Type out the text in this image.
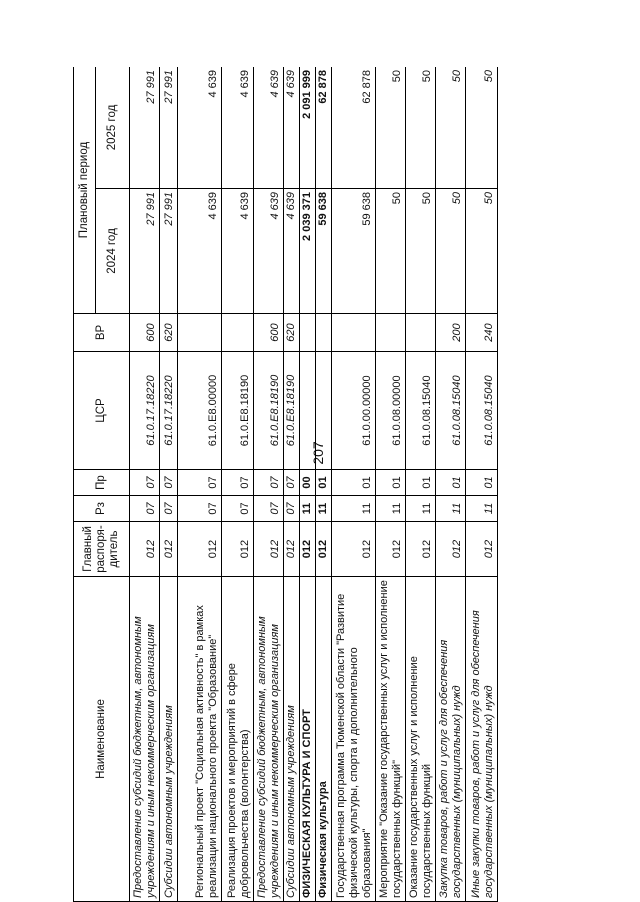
207
Наименование	Главный распоря-дитель	Рз	Пр	ЦСР	ВР	Плановый период	
						2024 год	2025 год
Предоставление субсидий бюджетным, автономным учреждениям и иным некоммерческим организациям	012	07	07	61.0.17.18220	600	27 991	27 991
Субсидии автономным учреждениям	012	07	07	61.0.17.18220	620	27 991	27 991
Региональный проект "Социальная активность" в рамках реализации национального проекта "Образование"	012	07	07	61.0.E8.00000		4 639	4 639
Реализация проектов и мероприятий в сфере добровольчества (волонтерства)	012	07	07	61.0.E8.18190		4 639	4 639
Предоставление субсидий бюджетным, автономным учреждениям и иным некоммерческим организациям	012	07	07	61.0.E8.18190	600	4 639	4 639
Субсидии автономным учреждениям	012	07	07	61.0.E8.18190	620	4 639	4 639
ФИЗИЧЕСКАЯ КУЛЬТУРА И СПОРТ	012	11	00			2 039 371	2 091 999
Физическая культура	012	11	01			59 638	62 878
Государственная программа Тюменской области "Развитие физической культуры, спорта и дополнительного образования"	012	11	01	61.0.00.00000		59 638	62 878
Мероприятие "Оказание государственных услуг и исполнение государственных функций"	012	11	01	61.0.08.00000		50	50
Оказание государственных услуг и исполнение государственных функций	012	11	01	61.0.08.15040		50	50
Закупка товаров, работ и услуг для обеспечения государственных (муниципальных) нужд	012	11	01	61.0.08.15040	200	50	50
Иные закупки товаров, работ и услуг для обеспечения государственных (муниципальных) нужд	012	11	01	61.0.08.15040	240	50	50
